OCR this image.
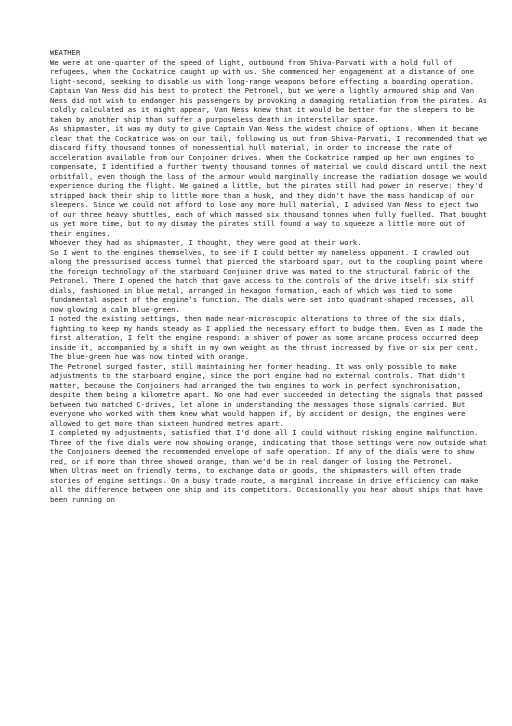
WEATHER
We were at one-quarter of the speed of light, outbound from Shiva-Parvati with a hold full of refugees, when the Cockatrice caught up with us. She commenced her engagement at a distance of one light-second, seeking to disable us with long-range weapons before effecting a boarding operation. Captain Van Ness did his best to protect the Petronel, but we were a lightly armoured ship and Van Ness did not wish to endanger his passengers by provoking a damaging retaliation from the pirates. As coldly calculated as it might appear, Van Ness knew that it would be better for the sleepers to be taken by another ship than suffer a purposeless death in interstellar space.
As shipmaster, it was my duty to give Captain Van Ness the widest choice of options. When it became clear that the Cockatrice was on our tail, following us out from Shiva-Parvati, I recommended that we discard fifty thousand tonnes of nonessential hull material, in order to increase the rate of acceleration available from our Conjoiner drives. When the Cockatrice ramped up her own engines to compensate, I identified a further twenty thousand tonnes of material we could discard until the next orbitfall, even though the loss of the armour would marginally increase the radiation dosage we would experience during the flight. We gained a little, but the pirates still had power in reserve: they'd stripped back their ship to little more than a husk, and they didn't have the mass handicap of our sleepers. Since we could not afford to lose any more hull material, I advised Van Ness to eject two of our three heavy shuttles, each of which massed six thousand tonnes when fully fuelled. That bought us yet more time, but to my dismay the pirates still found a way to squeeze a little more out of their engines.
Whoever they had as shipmaster, I thought, they were good at their work.
So I went to the engines themselves, to see if I could better my nameless opponent. I crawled out along the pressurised access tunnel that pierced the starboard spar, out to the coupling point where the foreign technology of the starboard Conjoiner drive was mated to the structural fabric of the Petronel. There I opened the hatch that gave access to the controls of the drive itself: six stiff dials, fashioned in blue metal, arranged in hexagon formation, each of which was tied to some fundamental aspect of the engine's function. The dials were set into quadrant-shaped recesses, all now glowing a calm blue-green.
I noted the existing settings, then made near-microscopic alterations to three of the six dials, fighting to keep my hands steady as I applied the necessary effort to budge them. Even as I made the first alteration, I felt the engine respond: a shiver of power as some arcane process occurred deep inside it, accompanied by a shift in my own weight as the thrust increased by five or six per cent. The blue-green hue was now tinted with orange.
The Petronel surged faster, still maintaining her former heading. It was only possible to make adjustments to the starboard engine, since the port engine had no external controls. That didn't matter, because the Conjoiners had arranged the two engines to work in perfect synchronisation, despite them being a kilometre apart. No one had ever succeeded in detecting the signals that passed between two matched C-drives, let alone in understanding the messages those signals carried. But everyone who worked with them knew what would happen if, by accident or design, the engines were allowed to get more than sixteen hundred metres apart.
I completed my adjustments, satisfied that I'd done all I could without risking engine malfunction. Three of the five dials were now showing orange, indicating that those settings were now outside what the Conjoiners deemed the recommended envelope of safe operation. If any of the dials were to show red, or if more than three showed orange, than we'd be in real danger of losing the Petronel.
When Ultras meet on friendly terms, to exchange data or goods, the shipmasters will often trade stories of engine settings. On a busy trade route, a marginal increase in drive efficiency can make all the difference between one ship and its competitors. Occasionally you hear about ships that have been running on
